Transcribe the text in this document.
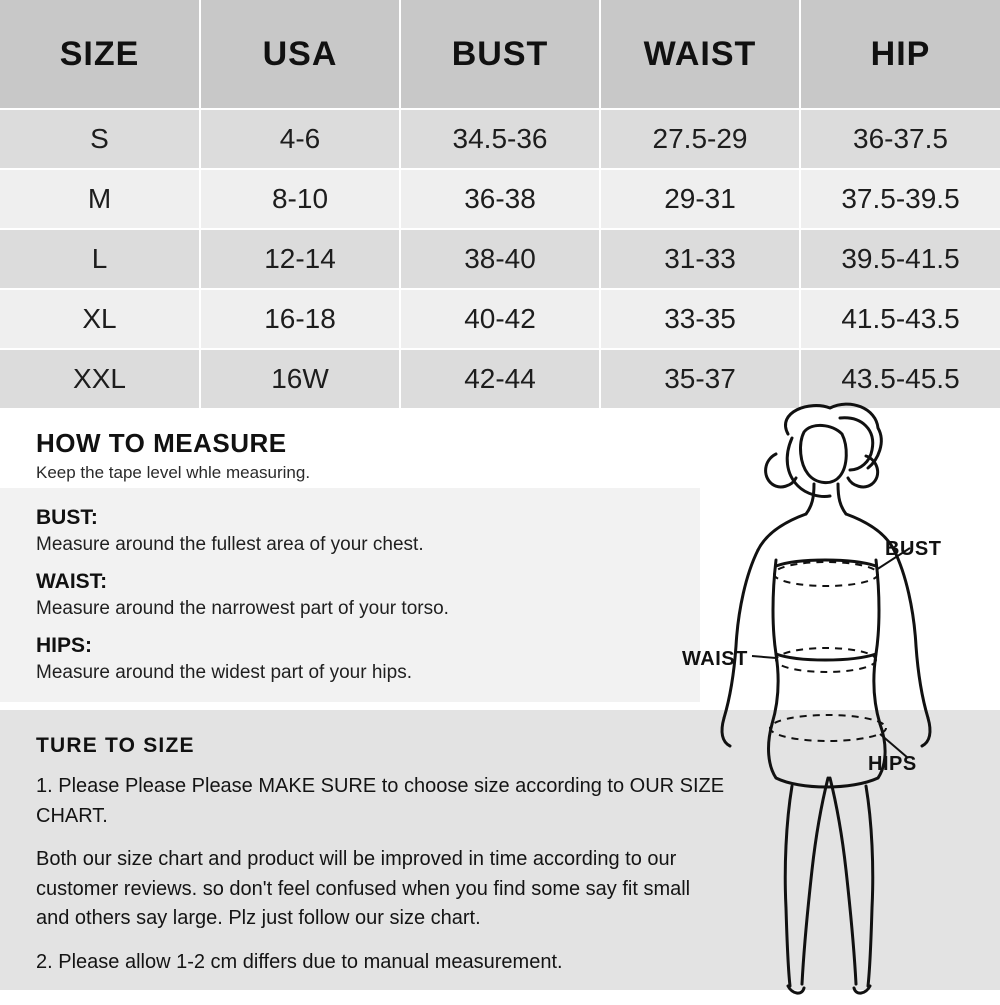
SIZE	USA	BUST	WAIST	HIP
S	4-6	34.5-36	27.5-29	36-37.5
M	8-10	36-38	29-31	37.5-39.5
L	12-14	38-40	31-33	39.5-41.5
XL	16-18	40-42	33-35	41.5-43.5
XXL	16W	42-44	35-37	43.5-45.5

HOW TO MEASURE

Keep the tape level whle measuring.

BUST:

Measure around the fullest area of your chest.

WAIST:

Measure around the narrowest part of your torso.

HIPS:

Measure around the widest part of your hips.

TURE TO SIZE

1. Please Please Please MAKE SURE to choose size according to OUR SIZE CHART.

Both our size chart and product will be improved in time according to our customer reviews. so don't feel confused when you find some say fit small and others say large. Plz just follow our size chart.

2. Please allow 1-2 cm differs due to manual measurement.

BUST
WAIST
HIPS
